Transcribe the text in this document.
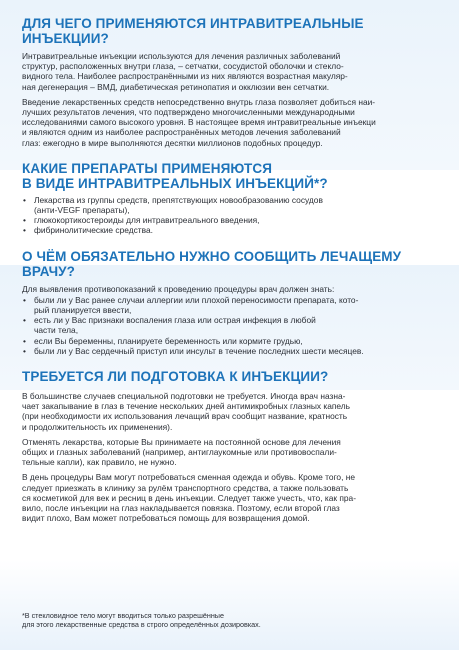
ДЛЯ ЧЕГО ПРИМЕНЯЮТСЯ ИНТРАВИТРЕАЛЬНЫЕ ИНЪЕКЦИИ?

Интравитреальные инъекции используются для лечения различных заболеваний
структур, расположенных внутри глаза, – сетчатки, сосудистой оболочки и стекло-
видного тела. Наиболее распространёнными из них являются возрастная макуляр-
ная дегенерация – ВМД, диабетическая ретинопатия и окклюзии вен сетчатки.

Введение лекарственных средств непосредственно внутрь глаза позволяет добиться наи-
лучших результатов лечения, что подтверждено многочисленными международными
исследованиями самого высокого уровня. В настоящее время интравитреальные инъекци
и являются одним из наиболее распространённых методов лечения заболеваний
глаз: ежегодно в мире выполняются десятки миллионов подобных процедур.

КАКИЕ ПРЕПАРАТЫ ПРИМЕНЯЮТСЯ
В ВИДЕ ИНТРАВИТРЕАЛЬНЫХ ИНЪЕКЦИЙ*?
• Лекарства из группы средств, препятствующих новообразованию сосудов
(анти-VEGF препараты),
• глюкокортикостероиды для интравитреального введения,
• фибринолитические средства.
О ЧЁМ ОБЯЗАТЕЛЬНО НУЖНО СООБЩИТЬ ЛЕЧАЩЕМУ ВРАЧУ?

Для выявления противопоказаний к проведению процедуры врач должен знать:

• были ли у Вас ранее случаи аллергии или плохой переносимости препарата, кото-
рый планируется ввести,
• есть ли у Вас признаки воспаления глаза или острая инфекция в любой
части тела,
• если Вы беременны, планируете беременность или кормите грудью,
• были ли у Вас сердечный приступ или инсульт в течение последних шести месяцев.
ТРЕБУЕТСЯ ЛИ ПОДГОТОВКА К ИНЪЕКЦИИ?

В большинстве случаев специальной подготовки не требуется. Иногда врач назна-
чает закапывание в глаз в течение нескольких дней антимикробных глазных капель
(при необходимости их использования лечащий врач сообщит название, кратность
и продолжительность их применения).

Отменять лекарства, которые Вы принимаете на постоянной основе для лечения
общих и глазных заболеваний (например, антиглаукомные или противовоспали-
тельные капли), как правило, не нужно.

В день процедуры Вам могут потребоваться сменная одежда и обувь. Кроме того, не
следует приезжать в клинику за рулём транспортного средства, а также пользовать
ся косметикой для век и ресниц в день инъекции. Следует также учесть, что, как пра-
вило, после инъекции на глаз накладывается повязка. Поэтому, если второй глаз
видит плохо, Вам может потребоваться помощь для возвращения домой.

*В стекловидное тело могут вводиться только разрешённые
для этого лекарственные средства в строго определённых дозировках.
